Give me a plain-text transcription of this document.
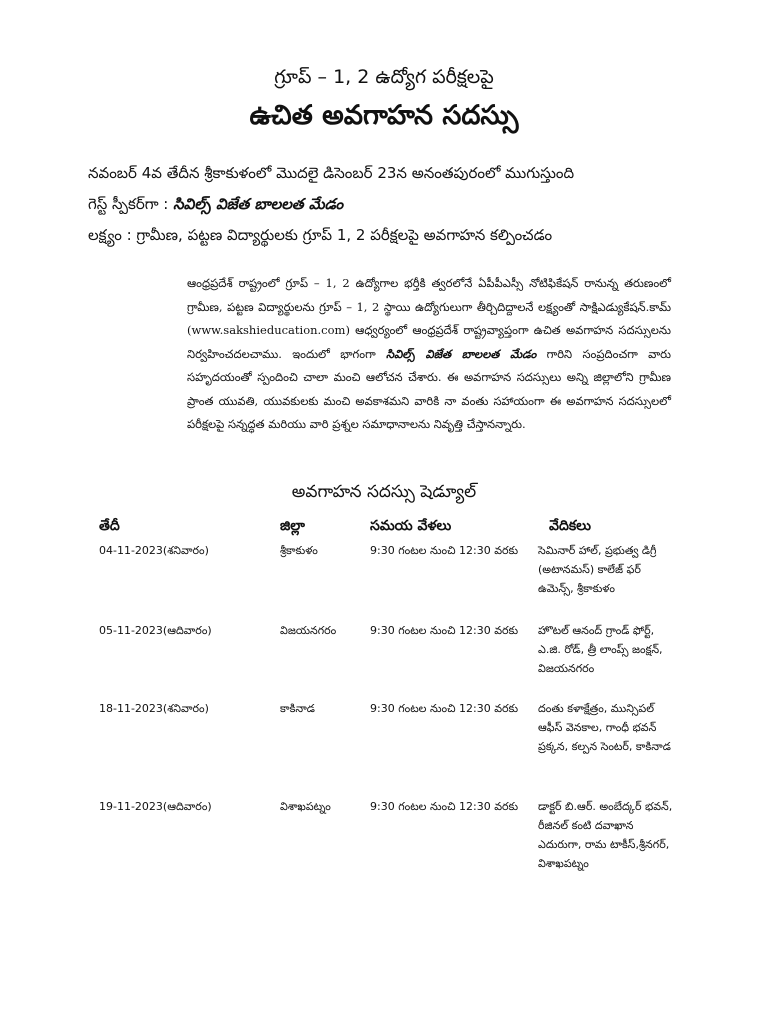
గ్రూప్ – 1, 2 ఉద్యోగ పరీక్షలపై
ఉచిత అవగాహన సదస్సు
నవంబర్ 4వ తేదీన శ్రీకాకుళంలో మొదలై డిసెంబర్ 23న అనంతపురంలో ముగుస్తుంది
గెస్ట్ స్పీకర్‌గా : సివిల్స్ విజేత బాలలత మేడం
లక్ష్యం : గ్రామీణ, పట్టణ విద్యార్థులకు గ్రూప్ 1, 2 పరీక్షలపై అవగాహన కల్పించడం
ఆంధ్రప్రదేశ్ రాష్ట్రంలో గ్రూప్ – 1, 2 ఉద్యోగాల భర్తీకి త్వరలోనే ఏపీపీఎస్సీ నోటిఫికేషన్ రానున్న తరుణంలో గ్రామీణ, పట్టణ విద్యార్థులను గ్రూప్ – 1, 2 స్థాయి ఉద్యోగులుగా తీర్చిదిద్దాలనే లక్ష్యంతో సాక్షిఎడ్యుకేషన్.కామ్ (www.sakshieducation.com) ఆధ్వర్యంలో ఆంధ్రప్రదేశ్ రాష్ట్రవ్యాప్తంగా ఉచిత అవగాహన సదస్సులను నిర్వహించదలచాము. ఇందులో భాగంగా సివిల్స్ విజేత బాలలత మేడం గారిని సంప్రదించగా వారు సహృదయంతో స్పందించి చాలా మంచి ఆలోచన చేశారు. ఈ అవగాహన సదస్సులు అన్ని జిల్లాలోని గ్రామీణ ప్రాంత యువతి, యువకులకు మంచి అవకాశమని వారికి నా వంతు సహాయంగా ఈ అవగాహన సదస్సులలో పరీక్షలపై సన్నద్ధత మరియు వారి ప్రశ్నల సమాధానాలను నివృత్తి చేస్తానన్నారు.
అవగాహన సదస్సు షెడ్యూల్
తేదీ	జిల్లా	సమయ వేళలు	వేదికలు
04-11-2023(శనివారం)	శ్రీకాకుళం	9:30 గంటల నుంచి 12:30 వరకు	సెమినార్ హాల్, ప్రభుత్వ డిగ్రీ (అటానమస్) కాలేజ్ ఫర్ ఉమెన్స్, శ్రీకాకుళం
05-11-2023(ఆదివారం)	విజయనగరం	9:30 గంటల నుంచి 12:30 వరకు	హొటల్ ఆనంద్ గ్రాండ్ ఫోర్ట్, ఎ.జి. రోడ్, త్రీ లాంప్స్ జంక్షన్, విజయనగరం
18-11-2023(శనివారం)	కాకినాడ	9:30 గంటల నుంచి 12:30 వరకు	దంతు కళాక్షేత్రం, మున్సిపల్ ఆఫీస్ వెనకాల, గాంధీ భవన్ ప్రక్కన, కల్పన సెంటర్, కాకినాడ
19-11-2023(ఆదివారం)	విశాఖపట్నం	9:30 గంటల నుంచి 12:30 వరకు	డాక్టర్ బి.ఆర్. అంబేద్కర్ భవన్, రీజినల్ కంటి దవాఖాన ఎదురుగా, రామ టాకీస్,శ్రీనగర్, విశాఖపట్నం
